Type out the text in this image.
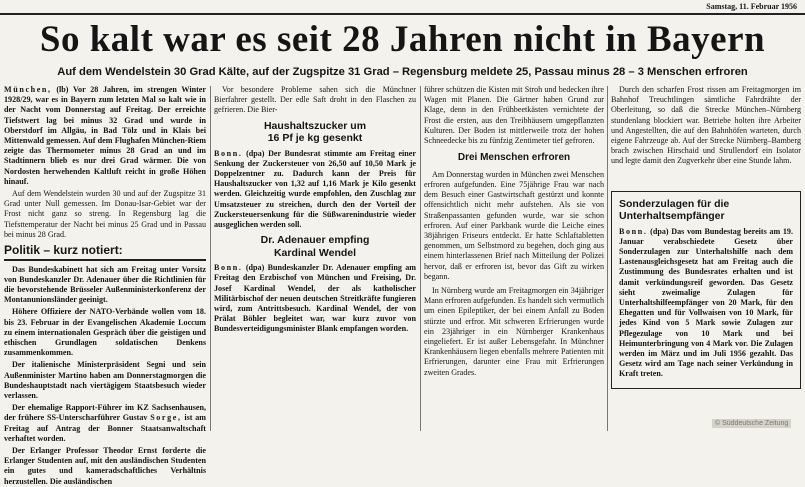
Samstag, 11. Februar 1956
So kalt war es seit 28 Jahren nicht in Bayern
Auf dem Wendelstein 30 Grad Kälte, auf der Zugspitze 31 Grad – Regensburg meldete 25, Passau minus 28 – 3 Menschen erfroren

München, (lb) Vor 28 Jahren, im strengen Winter 1928/29, war es in Bayern zum letzten Mal so kalt wie in der Nacht vom Donnerstag auf Freitag. Der erreichte Tiefstwert lag bei minus 32 Grad und wurde in Oberstdorf im Allgäu, in Bad Tölz und in Klais bei Mittenwald gemessen. Auf dem Flughafen München-Riem zeigte das Thermometer minus 28 Grad an und im Stadtinnern blieb es nur drei Grad wärmer. Die von Nordosten herwehenden Kaltluft reicht in große Höhen hinauf.

Auf dem Wendelstein wurden 30 und auf der Zugspitze 31 Grad unter Null gemessen. Im Donau-Isar-Gebiet war der Frost nicht ganz so streng. In Regensburg lag die Tiefsttemperatur der Nacht bei minus 25 Grad und in Passau bei minus 28 Grad.

Politik – kurz notiert:

Das Bundeskabinett hat sich am Freitag unter Vorsitz von Bundeskanzler Dr. Adenauer über die Richtlinien für die bevorstehende Brüsseler Außenministerkonferenz der Montanunionsländer geeinigt.

Höhere Offiziere der NATO-Verbände wollen vom 18. bis 23. Februar in der Evangelischen Akademie Loccum zu einem internationalen Gespräch über die geistigen und ethischen Grundlagen soldatischen Denkens zusammenkommen.

Der italienische Ministerpräsident Segni und sein Außenminister Martino haben am Donnerstagmorgen die Bundeshauptstadt nach viertägigem Staatsbesuch wieder verlassen.

Der ehemalige Rapport-Führer im KZ Sachsenhausen, der frühere SS-Unterscharführer Gustav Sorge, ist am Freitag auf Antrag der Bonner Staatsanwaltschaft verhaftet worden.

Der Erlanger Professor Theodor Ernst forderte die Erlanger Studenten auf, mit den ausländischen Studenten ein gutes und kameradschaftliches Verhältnis herzustellen. Die ausländischen

Vor besondere Probleme sahen sich die Münchner Bierfahrer gestellt. Der edle Saft droht in den Flaschen zu gefrieren. Die Bier-

Haushaltszucker um
16 Pf je kg gesenkt

Bonn. (dpa) Der Bundesrat stimmte am Freitag einer Senkung der Zuckersteuer von 26,50 auf 10,50 Mark je Doppelzentner zu. Dadurch kann der Preis für Haushaltszucker von 1,32 auf 1,16 Mark je Kilo gesenkt werden. Gleichzeitig wurde empfohlen, den Zuschlag zur Umsatzsteuer zu streichen, durch den der Vorteil der Zuckersteuersenkung für die Süßwarenindustrie wieder ausgeglichen werden soll.

Dr. Adenauer empfing
Kardinal Wendel

Bonn. (dpa) Bundeskanzler Dr. Adenauer empfing am Freitag den Erzbischof von München und Freising, Dr. Josef Kardinal Wendel, der als katholischer Militärbischof der neuen deutschen Streitkräfte fungieren wird, zum Antrittsbesuch. Kardinal Wendel, der von Prälat Böhler begleitet war, war kurz zuvor von Bundesverteidigungsminister Blank empfangen worden.

führer schützen die Kisten mit Stroh und bedecken ihre Wagen mit Planen. Die Gärtner haben Grund zur Klage, denn in den Frühbeetkästen vernichtete der Frost die ersten, aus den Treibhäusern umgepflanzten Kulturen. Der Boden ist mittlerweile trotz der hohen Schneedecke bis zu fünfzig Zentimeter tief gefroren.

Drei Menschen erfroren

Am Donnerstag wurden in München zwei Menschen erfroren aufgefunden. Eine 75jährige Frau war nach dem Besuch einer Gastwirtschaft gestürzt und konnte offensichtlich nicht mehr aufstehen. Als sie von Straßenpassanten gefunden wurde, war sie schon erfroren. Auf einer Parkbank wurde die Leiche eines 38jährigen Friseurs entdeckt. Er hatte Schlaftabletten genommen, um Selbstmord zu begehen, doch ging aus einem hinterlassenen Brief nach Mitteilung der Polizei hervor, daß er erfroren ist, bevor das Gift zu wirken begann.

In Nürnberg wurde am Freitagmorgen ein 34jähriger Mann erfroren aufgefunden. Es handelt sich vermutlich um einen Epileptiker, der bei einem Anfall zu Boden stürzte und erfror. Mit schweren Erfrierungen wurde ein 23jähriger in ein Nürnberger Krankenhaus eingeliefert. Er ist außer Lebensgefahr. In Münchner Krankenhäusern liegen ebenfalls mehrere Patienten mit Erfrierungen, darunter eine Frau mit Erfrierungen zweiten Grades.

Durch den scharfen Frost rissen am Freitagmorgen im Bahnhof Treuchtlingen sämtliche Fahrdrähte der Oberleitung, so daß die Strecke München–Nürnberg stundenlang blockiert war. Betriebe holten ihre Arbeiter und Angestellten, die auf den Bahnhöfen warteten, durch eigene Fahrzeuge ab. Auf der Strecke Nürnberg–Bamberg brach zwischen Hirschaid und Strullendorf ein Isolator und legte damit den Zugverkehr über eine Stunde lahm.

Sonderzulagen für die
Unterhaltsempfänger

Bonn. (dpa) Das vom Bundestag bereits am 19. Januar verabschiedete Gesetz über Sonderzulagen zur Unterhaltshilfe nach dem Lastenausgleichsgesetz hat am Freitag auch die Zustimmung des Bundesrates erhalten und ist damit verkündungsreif geworden. Das Gesetz sieht zweimalige Zulagen für Unterhaltshilfeempfänger von 20 Mark, für den Ehegatten und für Vollwaisen von 10 Mark, für jedes Kind von 5 Mark sowie Zulagen zur Pflegezulage von 10 Mark und bei Heimunterbringung von 4 Mark vor. Die Zulagen werden im März und im Juli 1956 gezahlt. Das Gesetz wird am Tage nach seiner Verkündung in Kraft treten.

© Süddeutsche Zeitung
